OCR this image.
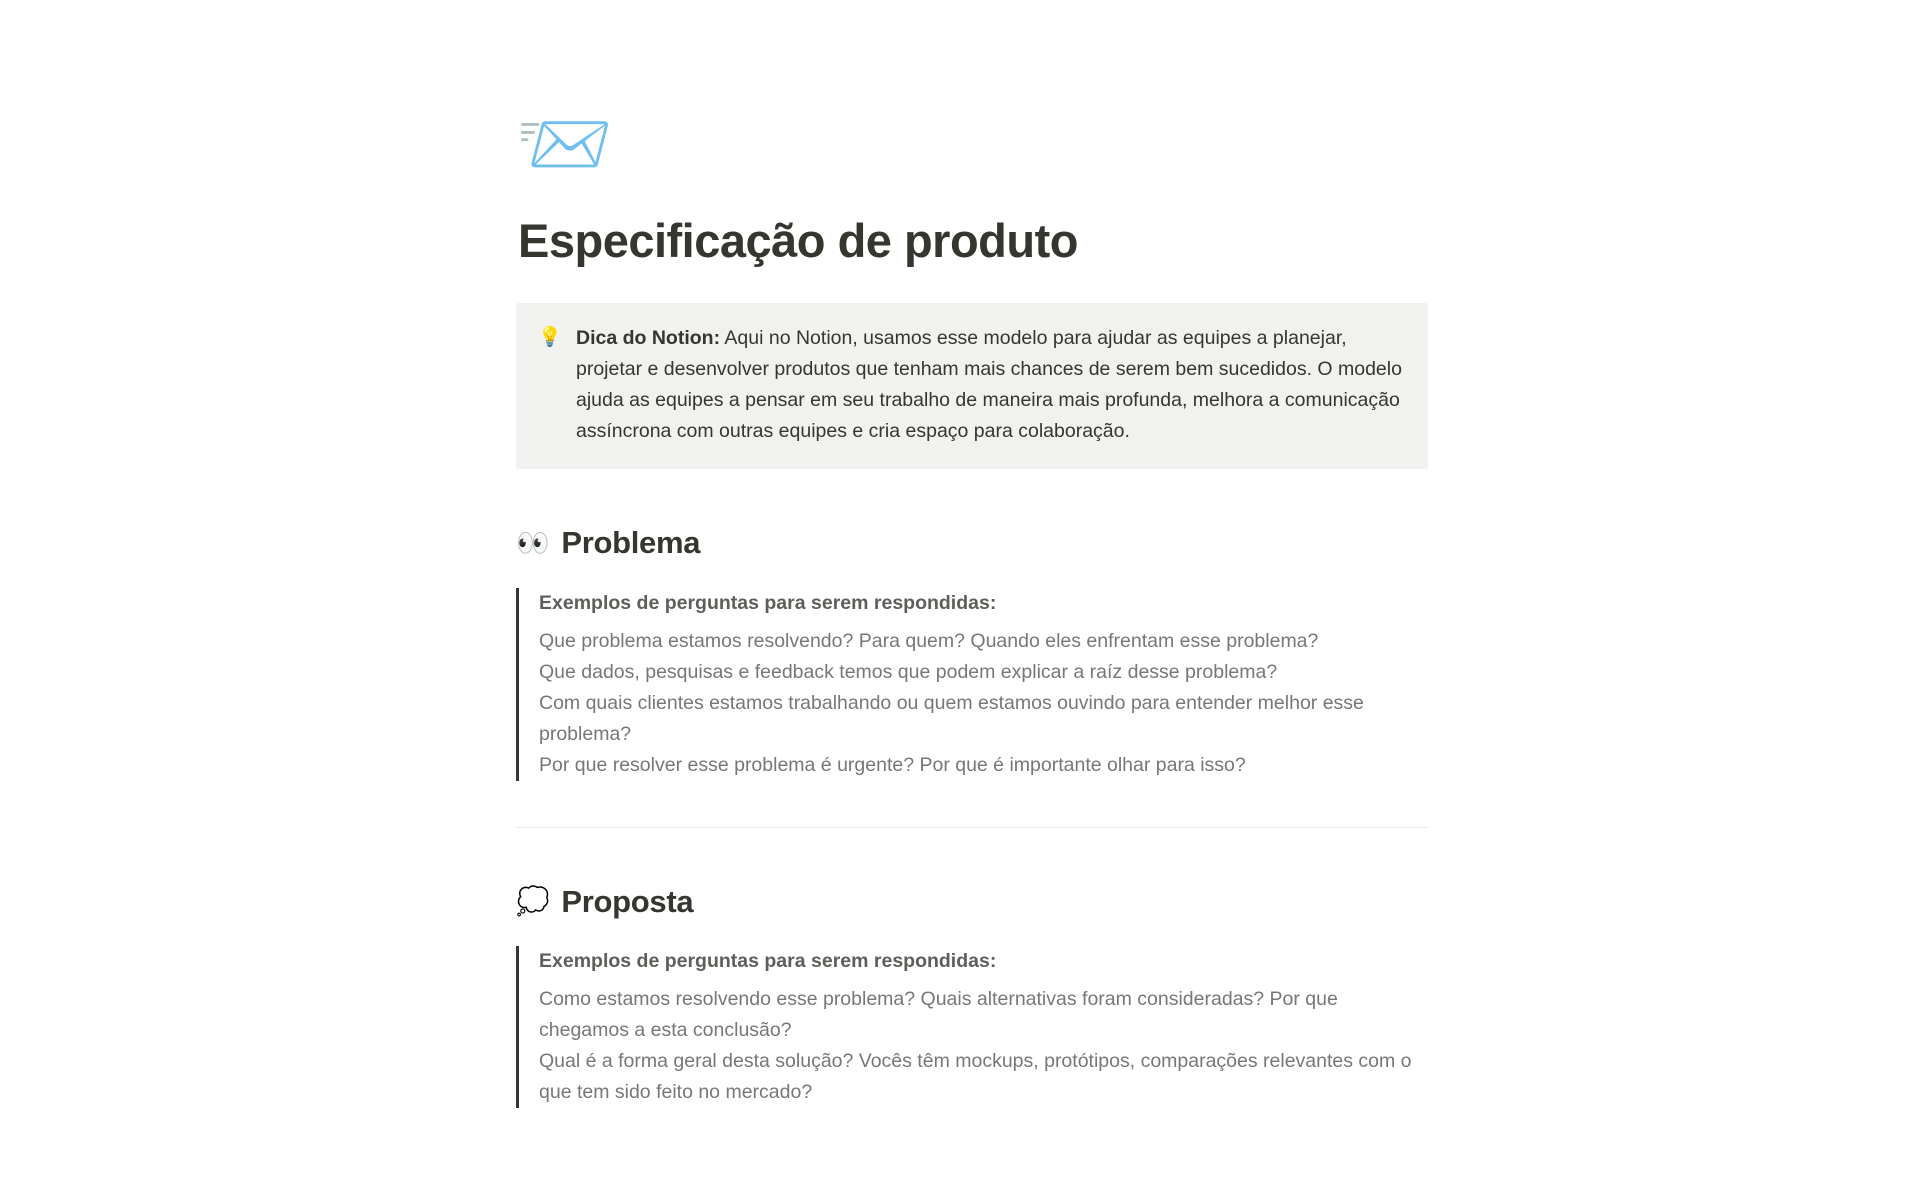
📨
Especificação de produto
💡 Dica do Notion: Aqui no Notion, usamos esse modelo para ajudar as equipes a planejar, projetar e desenvolver produtos que tenham mais chances de serem bem sucedidos. O modelo ajuda as equipes a pensar em seu trabalho de maneira mais profunda, melhora a comunicação assíncrona com outras equipes e cria espaço para colaboração.
👀 Problema
Exemplos de perguntas para serem respondidas:
Que problema estamos resolvendo? Para quem? Quando eles enfrentam esse problema?
Que dados, pesquisas e feedback temos que podem explicar a raíz desse problema?
Com quais clientes estamos trabalhando ou quem estamos ouvindo para entender melhor esse problema?
Por que resolver esse problema é urgente? Por que é importante olhar para isso?
💭 Proposta
Exemplos de perguntas para serem respondidas:
Como estamos resolvendo esse problema? Quais alternativas foram consideradas? Por que chegamos a esta conclusão?
Qual é a forma geral desta solução? Vocês têm mockups, protótipos, comparações relevantes com o que tem sido feito no mercado?
